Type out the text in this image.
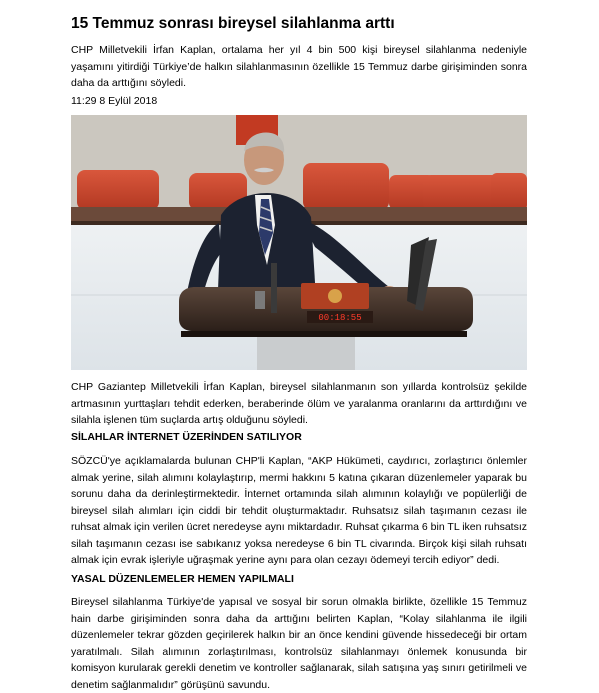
15 Temmuz sonrası bireysel silahlanma arttı

CHP Milletvekili İrfan Kaplan, ortalama her yıl 4 bin 500 kişi bireysel silahlanma nedeniyle yaşamını yitirdiği Türkiye’de halkın silahlanmasının özellikle 15 Temmuz darbe girişiminden sonra daha da arttığını söyledi.

11:29 8 Eylül 2018

00:18:55

CHP Gaziantep Milletvekili İrfan Kaplan, bireysel silahlanmanın son yıllarda kontrolsüz şekilde artmasının yurttaşları tehdit ederken, beraberinde ölüm ve yaralanma oranlarını da arttırdığını ve silahla işlenen tüm suçlarda artış olduğunu söyledi.

SİLAHLAR İNTERNET ÜZERİNDEN SATILIYOR

SÖZCÜ'ye açıklamalarda bulunan CHP'li Kaplan, “AKP Hükümeti, caydırıcı, zorlaştırıcı önlemler almak yerine, silah alımını kolaylaştırıp, mermi hakkını 5 katına çıkaran düzenlemeler yaparak bu sorunu daha da derinleştirmektedir. İnternet ortamında silah alımının kolaylığı ve popülerliği de bireysel silah alımları için ciddi bir tehdit oluşturmaktadır. Ruhsatsız silah taşımanın cezası ile ruhsat almak için verilen ücret neredeyse aynı miktardadır. Ruhsat çıkarma 6 bin TL iken ruhsatsız silah taşımanın cezası ise sabıkanız yoksa neredeyse 6 bin TL civarında. Birçok kişi silah ruhsatı almak için evrak işleriyle uğraşmak yerine aynı para olan cezayı ödemeyi tercih ediyor” dedi.

YASAL DÜZENLEMELER HEMEN YAPILMALI

Bireysel silahlanma Türkiye'de yapısal ve sosyal bir sorun olmakla birlikte, özellikle 15 Temmuz hain darbe girişiminden sonra daha da arttığını belirten Kaplan, “Kolay silahlanma ile ilgili düzenlemeler tekrar gözden geçirilerek halkın bir an önce kendini güvende hissedeceği bir ortam yaratılmalı. Silah alımının zorlaştırılması, kontrolsüz silahlanmayı önlemek konusunda bir komisyon kurularak gerekli denetim ve kontroller sağlanarak, silah satışına yaş sınırı getirilmeli ve denetim sağlanmalıdır” görüşünü savundu.
